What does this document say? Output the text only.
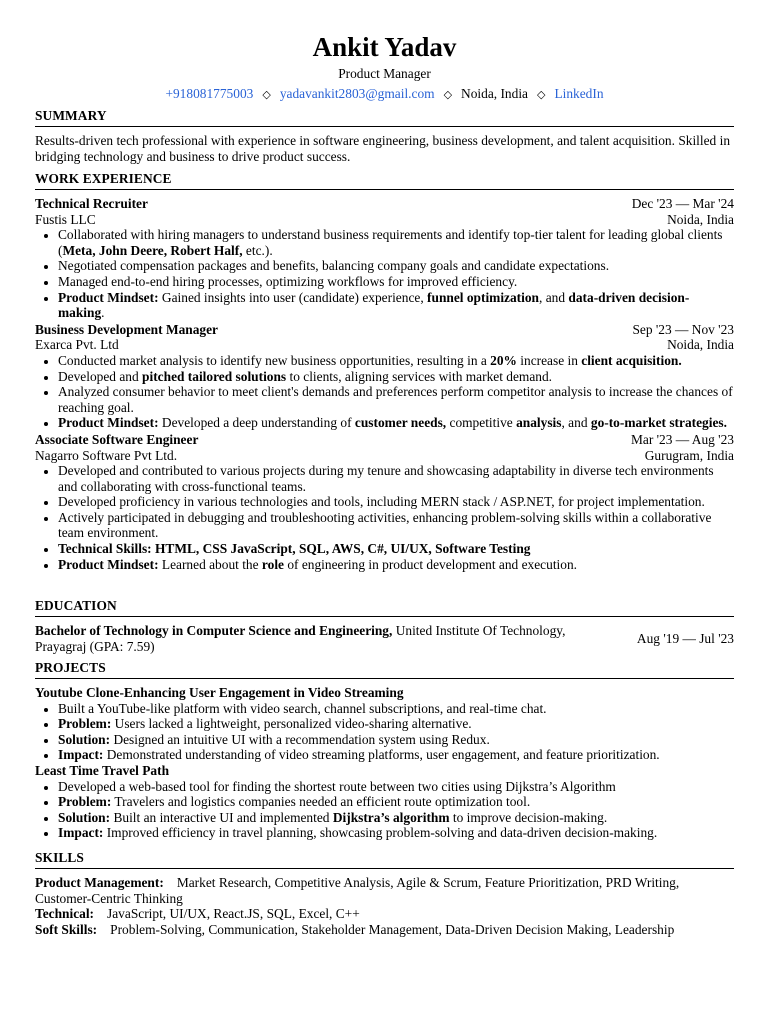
Ankit Yadav
Product Manager
+918081775003 ◇ yadavankit2803@gmail.com ◇ Noida, India ◇ LinkedIn
SUMMARY
Results-driven tech professional with experience in software engineering, business development, and talent acquisition. Skilled in bridging technology and business to drive product success.
WORK EXPERIENCE
Technical Recruiter	Dec '23 — Mar '24
Fustis LLC	Noida, India
• Collaborated with hiring managers to understand business requirements and identify top-tier talent for leading global clients (Meta, John Deere, Robert Half, etc.).
• Negotiated compensation packages and benefits, balancing company goals and candidate expectations.
• Managed end-to-end hiring processes, optimizing workflows for improved efficiency.
• Product Mindset: Gained insights into user (candidate) experience, funnel optimization, and data-driven decision-making.
Business Development Manager	Sep '23 — Nov '23
Exarca Pvt. Ltd	Noida, India
• Conducted market analysis to identify new business opportunities, resulting in a 20% increase in client acquisition.
• Developed and pitched tailored solutions to clients, aligning services with market demand.
• Analyzed consumer behavior to meet client's demands and preferences perform competitor analysis to increase the chances of reaching goal.
• Product Mindset: Developed a deep understanding of customer needs, competitive analysis, and go-to-market strategies.
Associate Software Engineer	Mar '23 — Aug '23
Nagarro Software Pvt Ltd.	Gurugram, India
• Developed and contributed to various projects during my tenure and showcasing adaptability in diverse tech environments and collaborating with cross-functional teams.
• Developed proficiency in various technologies and tools, including MERN stack / ASP.NET, for project implementation.
• Actively participated in debugging and troubleshooting activities, enhancing problem-solving skills within a collaborative team environment.
• Technical Skills: HTML, CSS JavaScript, SQL, AWS, C#, UI/UX, Software Testing
• Product Mindset: Learned about the role of engineering in product development and execution.
EDUCATION
Bachelor of Technology in Computer Science and Engineering, United Institute Of Technology, Prayagraj (GPA: 7.59)
Aug '19 — Jul '23
PROJECTS
Youtube Clone-Enhancing User Engagement in Video Streaming
• Built a YouTube-like platform with video search, channel subscriptions, and real-time chat.
• Problem: Users lacked a lightweight, personalized video-sharing alternative.
• Solution: Designed an intuitive UI with a recommendation system using Redux.
• Impact: Demonstrated understanding of video streaming platforms, user engagement, and feature prioritization.
Least Time Travel Path
• Developed a web-based tool for finding the shortest route between two cities using Dijkstra’s Algorithm
• Problem: Travelers and logistics companies needed an efficient route optimization tool.
• Solution: Built an interactive UI and implemented Dijkstra’s algorithm to improve decision-making.
• Impact: Improved efficiency in travel planning, showcasing problem-solving and data-driven decision-making.
SKILLS
Product Management: Market Research, Competitive Analysis, Agile & Scrum, Feature Prioritization, PRD Writing, Customer-Centric Thinking
Technical: JavaScript, UI/UX, React.JS, SQL, Excel, C++
Soft Skills: Problem-Solving, Communication, Stakeholder Management, Data-Driven Decision Making, Leadership
